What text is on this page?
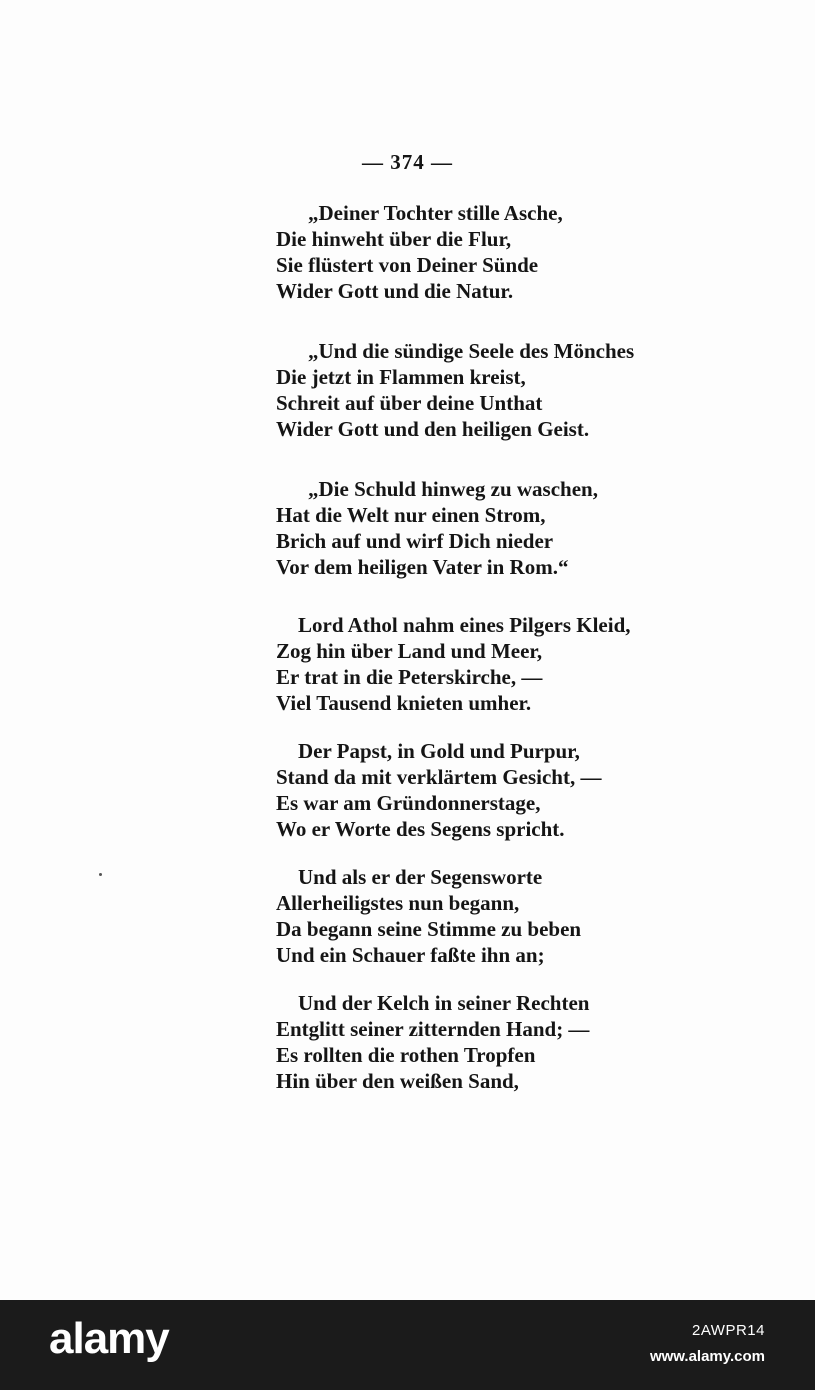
— 374 —
„Deiner Tochter stille Asche,
Die hinweht über die Flur,
Sie flüstert von Deiner Sünde
Wider Gott und die Natur.
„Und die sündige Seele des Mönches
Die jetzt in Flammen kreist,
Schreit auf über deine Unthat
Wider Gott und den heiligen Geist.
„Die Schuld hinweg zu waschen,
Hat die Welt nur einen Strom,
Brich auf und wirf Dich nieder
Vor dem heiligen Vater in Rom.“
Lord Athol nahm eines Pilgers Kleid,
Zog hin über Land und Meer,
Er trat in die Peterskirche, —
Viel Tausend knieten umher.
Der Papst, in Gold und Purpur,
Stand da mit verklärtem Gesicht, —
Es war am Gründonnerstage,
Wo er Worte des Segens spricht.
Und als er der Segensworte
Allerheiligstes nun begann,
Da begann seine Stimme zu beben
Und ein Schauer faßte ihn an;
Und der Kelch in seiner Rechten
Entglitt seiner zitternden Hand; —
Es rollten die rothen Tropfen
Hin über den weißen Sand,
alamy	2AWPR14
www.alamy.com
